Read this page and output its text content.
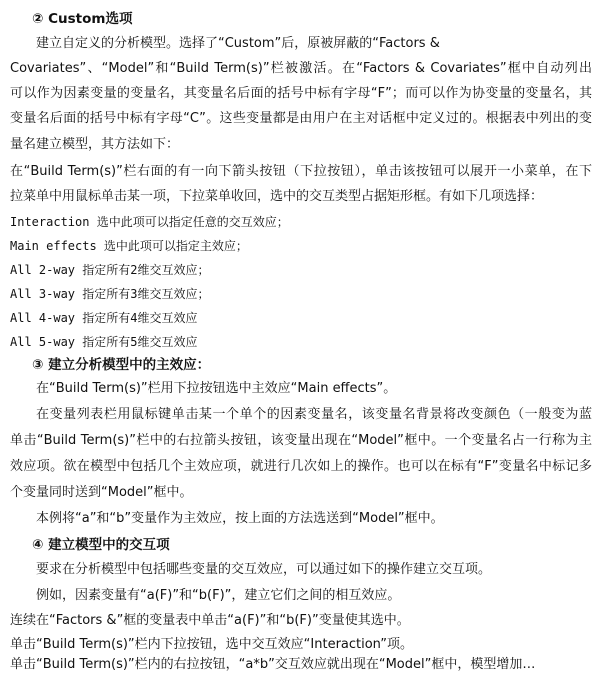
② Custom选项
建立自定义的分析模型。选择了“Custom”后，原被屏蔽的“Factors &
Covariates”、“Model”和“Build Term(s)”栏被激活。在“Factors & Covariates”框中自动列出
可以作为因素变量的变量名，其变量名后面的括号中标有字母“F”；而可以作为协变量的变量名，其
变量名后面的括号中标有字母“C”。这些变量都是由用户在主对话框中定义过的。根据表中列出的变
量名建立模型，其方法如下：
在“Build Term(s)”栏右面的有一向下箭头按钮（下拉按钮），单击该按钮可以展开一小菜单，在下
拉菜单中用鼠标单击某一项，下拉菜单收回，选中的交互类型占据矩形框。有如下几项选择：
Interaction 选中此项可以指定任意的交互效应；
Main effects 选中此项可以指定主效应；
All 2-way 指定所有2维交互效应；
All 3-way 指定所有3维交互效应；
All 4-way 指定所有4维交互效应
All 5-way 指定所有5维交互效应
③ 建立分析模型中的主效应：
在“Build Term(s)”栏用下拉按钮选中主效应“Main effects”。
在变量列表栏用鼠标键单击某一个单个的因素变量名，该变量名背景将改变颜色（一般变为蓝
单击“Build Term(s)”栏中的右拉箭头按钮，该变量出现在“Model”框中。一个变量名占一行称为主
效应项。欲在模型中包括几个主效应项，就进行几次如上的操作。也可以在标有“F”变量名中标记多
个变量同时送到“Model”框中。
本例将“a”和“b”变量作为主效应，按上面的方法选送到“Model”框中。
④ 建立模型中的交互项
要求在分析模型中包括哪些变量的交互效应，可以通过如下的操作建立交互项。
例如，因素变量有“a(F)”和“b(F)”，建立它们之间的相互效应。
连续在“Factors &”框的变量表中单击“a(F)”和“b(F)”变量使其选中。
单击“Build Term(s)”栏内下拉按钮，选中交互效应“Interaction”项。
单击“Build Term(s)”栏内的右拉按钮，“a*b”交互效应就出现在“Model”框中，模型增加…
